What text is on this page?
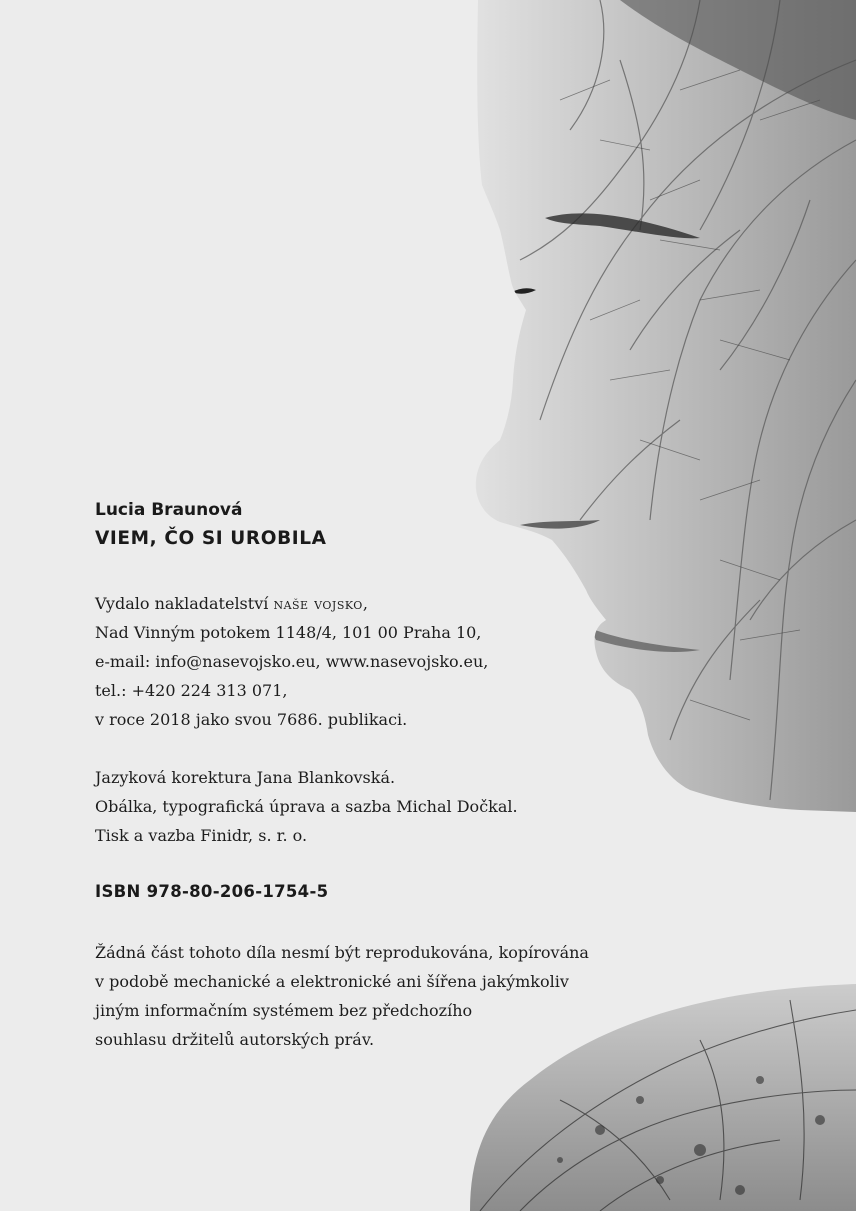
Lucia Braunová
VIEM, ČO SI UROBILA
Vydalo nakladatelství naše vojsko,
Nad Vinným potokem 1148/4, 101 00 Praha 10,
e-mail: info@nasevojsko.eu, www.nasevojsko.eu,
tel.: +420 224 313 071,
v roce 2018 jako svou 7686. publikaci.
Jazyková korektura Jana Blankovská.
Obálka, typografická úprava a sazba Michal Dočkal.
Tisk a vazba Finidr, s. r. o.
ISBN 978-80-206-1754-5
Žádná část tohoto díla nesmí být reprodukována, kopírována
v podobě mechanické a elektronické ani šířena jakýmkoliv
jiným informačním systémem bez předchozího
souhlasu držitelů autorských práv.
